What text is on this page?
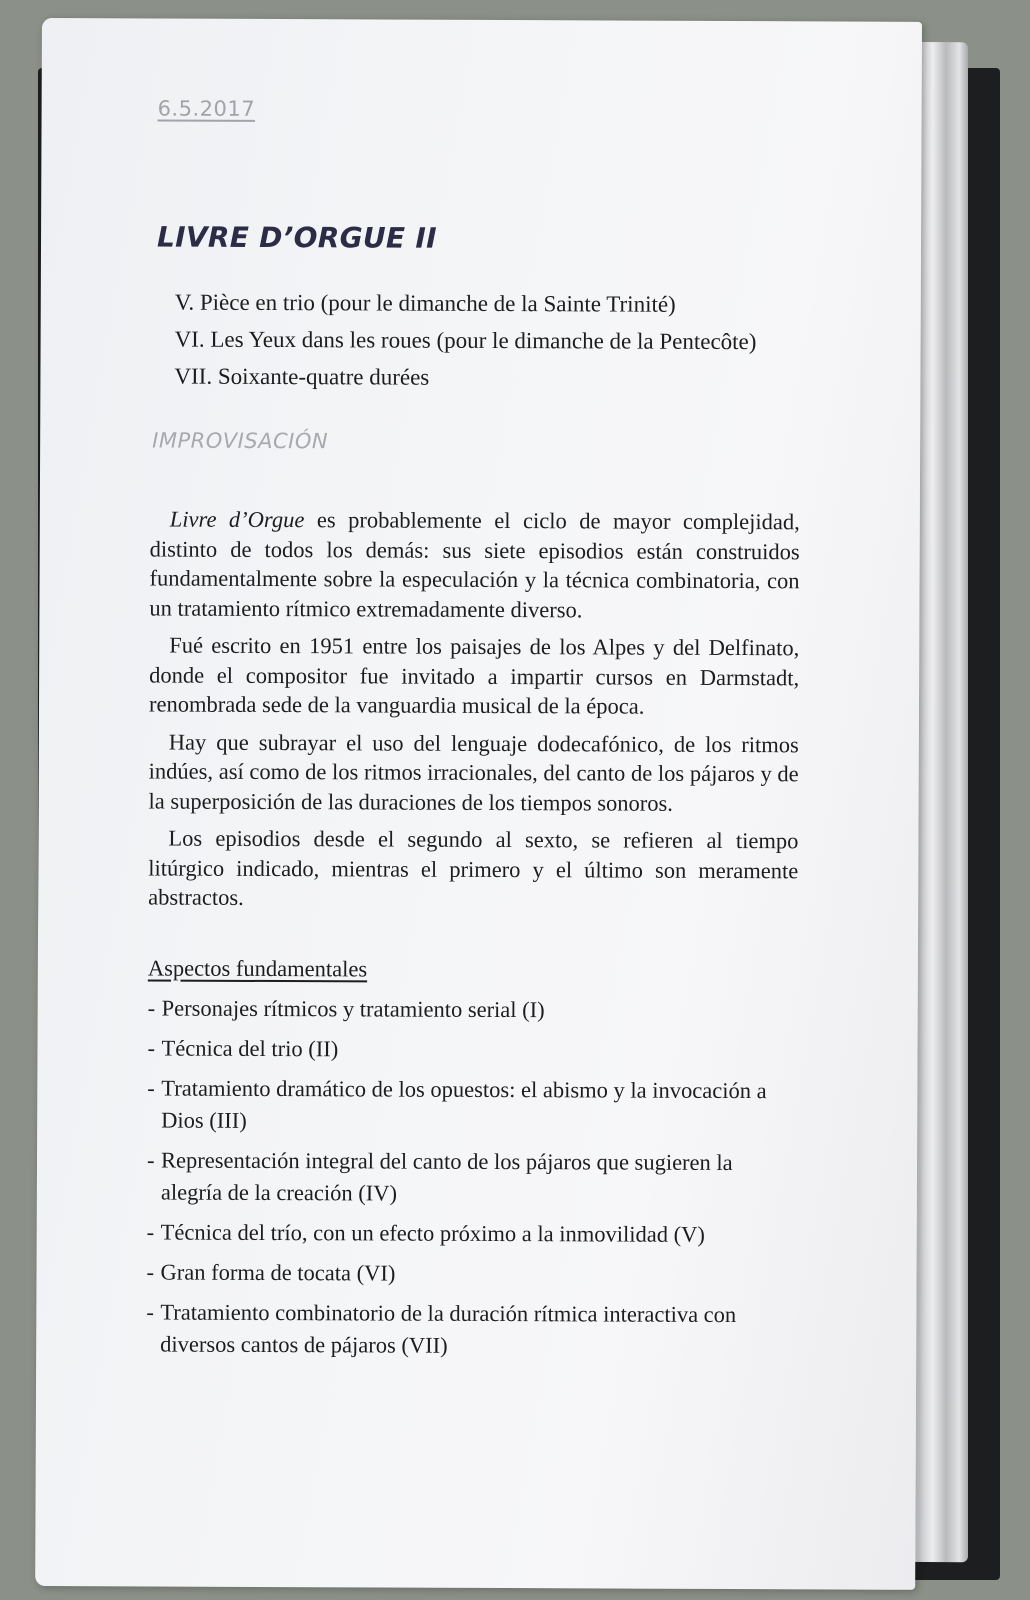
6.5.2017
LIVRE D’ORGUE II
V. Pièce en trio (pour le dimanche de la Sainte Trinité)
VI. Les Yeux dans les roues (pour le dimanche de la Pentecôte)
VII. Soixante-quatre durées
IMPROVISACIÓN

Livre d’Orgue es probablemente el ciclo de mayor complejidad, distinto de todos los demás: sus siete episodios están construidos fundamentalmente sobre la especulación y la técnica combinatoria, con un tratamiento rítmico extremadamente diverso.

Fué escrito en 1951 entre los paisajes de los Alpes y del Delfinato, donde el compositor fue invitado a impartir cursos en Darmstadt, renombrada sede de la vanguardia musical de la época.

Hay que subrayar el uso del lenguaje dodecafónico, de los ritmos indúes, así como de los ritmos irracionales, del canto de los pájaros y de la superposición de las duraciones de los tiempos sonoros.

Los episodios desde el segundo al sexto, se refieren al tiempo litúrgico indicado, mientras el primero y el último son meramente abstractos.

Aspectos fundamentales
- Personajes rítmicos y tratamiento serial (I)
- Técnica del trio (II)
- Tratamiento dramático de los opuestos: el abismo y la invocación a Dios (III)
- Representación integral del canto de los pájaros que sugieren la alegría de la creación (IV)
- Técnica del trío, con un efecto próximo a la inmovilidad (V)
- Gran forma de tocata (VI)
- Tratamiento combinatorio de la duración rítmica interactiva con diversos cantos de pájaros (VII)
